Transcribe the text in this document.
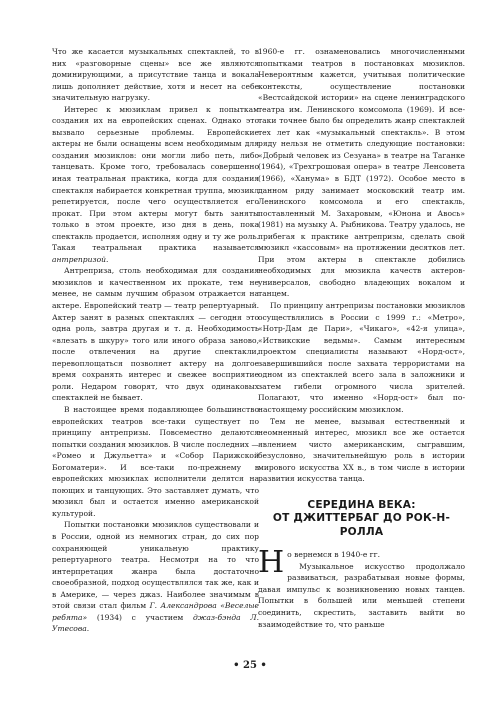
Что же касается музыкальных спектаклей, то в них «разговорные сцены» все же являются доминирующими, а присутствие танца и вокала лишь дополняет действие, хотя и несет на себе значительную нагрузку.

Интерес к мюзиклам привел к попыткам создания их на европейских сценах. Однако это вызвало серьезные проблемы. Европейские актеры не были оснащены всем необходимым для создания мюзиклов: они могли либо петь, либо танцевать. Кроме того, требовалась совершенно иная театральная практика, когда для создания спектакля набирается конкретная труппа, мюзикл репетируется, после чего осуществляется его прокат. При этом актеры могут быть заняты только в этом проекте, изо дня в день, пока спектакль продается, исполняя одну и ту же роль. Такая театральная практика называется антрепризой.

Антреприза, столь необходимая для создания мюзиклов и качественном их прокате, тем не менее, не самым лучшим образом отражается на актере. Европейский театр — театр репертуарный. Актер занят в разных спектаклях — сегодня это одна роль, завтра другая и т. д. Необходимость «влезать в шкуру» того или иного образа заново, после отвлечения на другие спектакли, перевоплощаться позволяет актеру на долгое время сохранять интерес и свежее восприятие роли. Недаром говорят, что двух одинаковых спектаклей не бывает.

В настоящее время подавляющее большинство европейских театров все-таки существует по принципу антрепризы. Повсеместно делаются попытки создания мюзиклов. В числе последних — «Ромео и Джульетта» и «Собор Парижской Богоматери». И все-таки по-прежнему в европейских мюзиклах исполнители делятся на поющих и танцующих. Это заставляет думать, что мюзикл был и остается именно американской культурой.

Попытки постановки мюзиклов существовали и в России, одной из немногих стран, до сих пор сохраняющей уникальную практику репертуарного театра. Несмотря на то что интерпретация жанра была достаточно своеобразной, подход осуществлялся так же, как и в Америке, — через джаз. Наиболее значимым в этой связи стал фильм Г. Александрова «Веселые ребята» (1934) с участием джаз-бэнда Л. Утесова.

1960-е гг. ознаменовались многочисленными попытками театров в постановках мюзиклов. Невероятным кажется, учитывая политические контексты, осуществление постановки «Вестсайдской истории» на сцене ленинградского театра им. Ленинского комсомола (1969). И все-таки точнее было бы определить жанр спектаклей тех лет как «музыкальный спектакль». В этом ряду нельзя не отметить следующие постановки: «Добрый человек из Сезуана» в театре на Таганке (1964), «Трехгрошовая опера» в театре Ленсовета (1966), «Ханума» в БДТ (1972). Особое место в данном ряду занимает московский театр им. Ленинского комсомола и его спектакль, поставленный М. Захаровым, «Юнона и Авось» (1981) на музыку А. Рыбникова. Театру удалось, не прибегая к практике антрепризы, сделать свой мюзикл «кассовым» на протяжении десятков лет. При этом актеры в спектакле добились необходимых для мюзикла качеств актеров-универсалов, свободно владеющих вокалом и танцем.

По принципу антрепризы постановки мюзиклов осуществлялись в России с 1999 г.: «Метро», «Нотр-Дам де Пари», «Чикаго», «42-я улица», «Иствикские ведьмы». Самым интересным проектом специалисты называют «Норд-ост», завершившийся после захвата террористами на одном из спектаклей всего зала в заложники и затем гибели огромного числа зрителей. Полагают, что именно «Норд-ост» был по-настоящему российским мюзиклом.

Тем не менее, вызывая естественный и неомненный интерес, мюзикл все же остается явлением чисто американским, сыгравшим, безусловно, значительнейшую роль в истории мирового искусства XX в., в том числе в истории развития искусства танца.

СЕРЕДИНА ВЕКА:
ОТ ДЖИТТЕРБАГ ДО РОК-Н-РОЛЛА

Но вернемся в 1940-е гг.

Музыкальное искусство продолжало развиваться, разрабатывая новые формы, давая импульс к возникновению новых танцев. Попытки в большей или меньшей степени соединить, скрестить, заставить выйти во взаимодействие то, что раньше

• 25 •
